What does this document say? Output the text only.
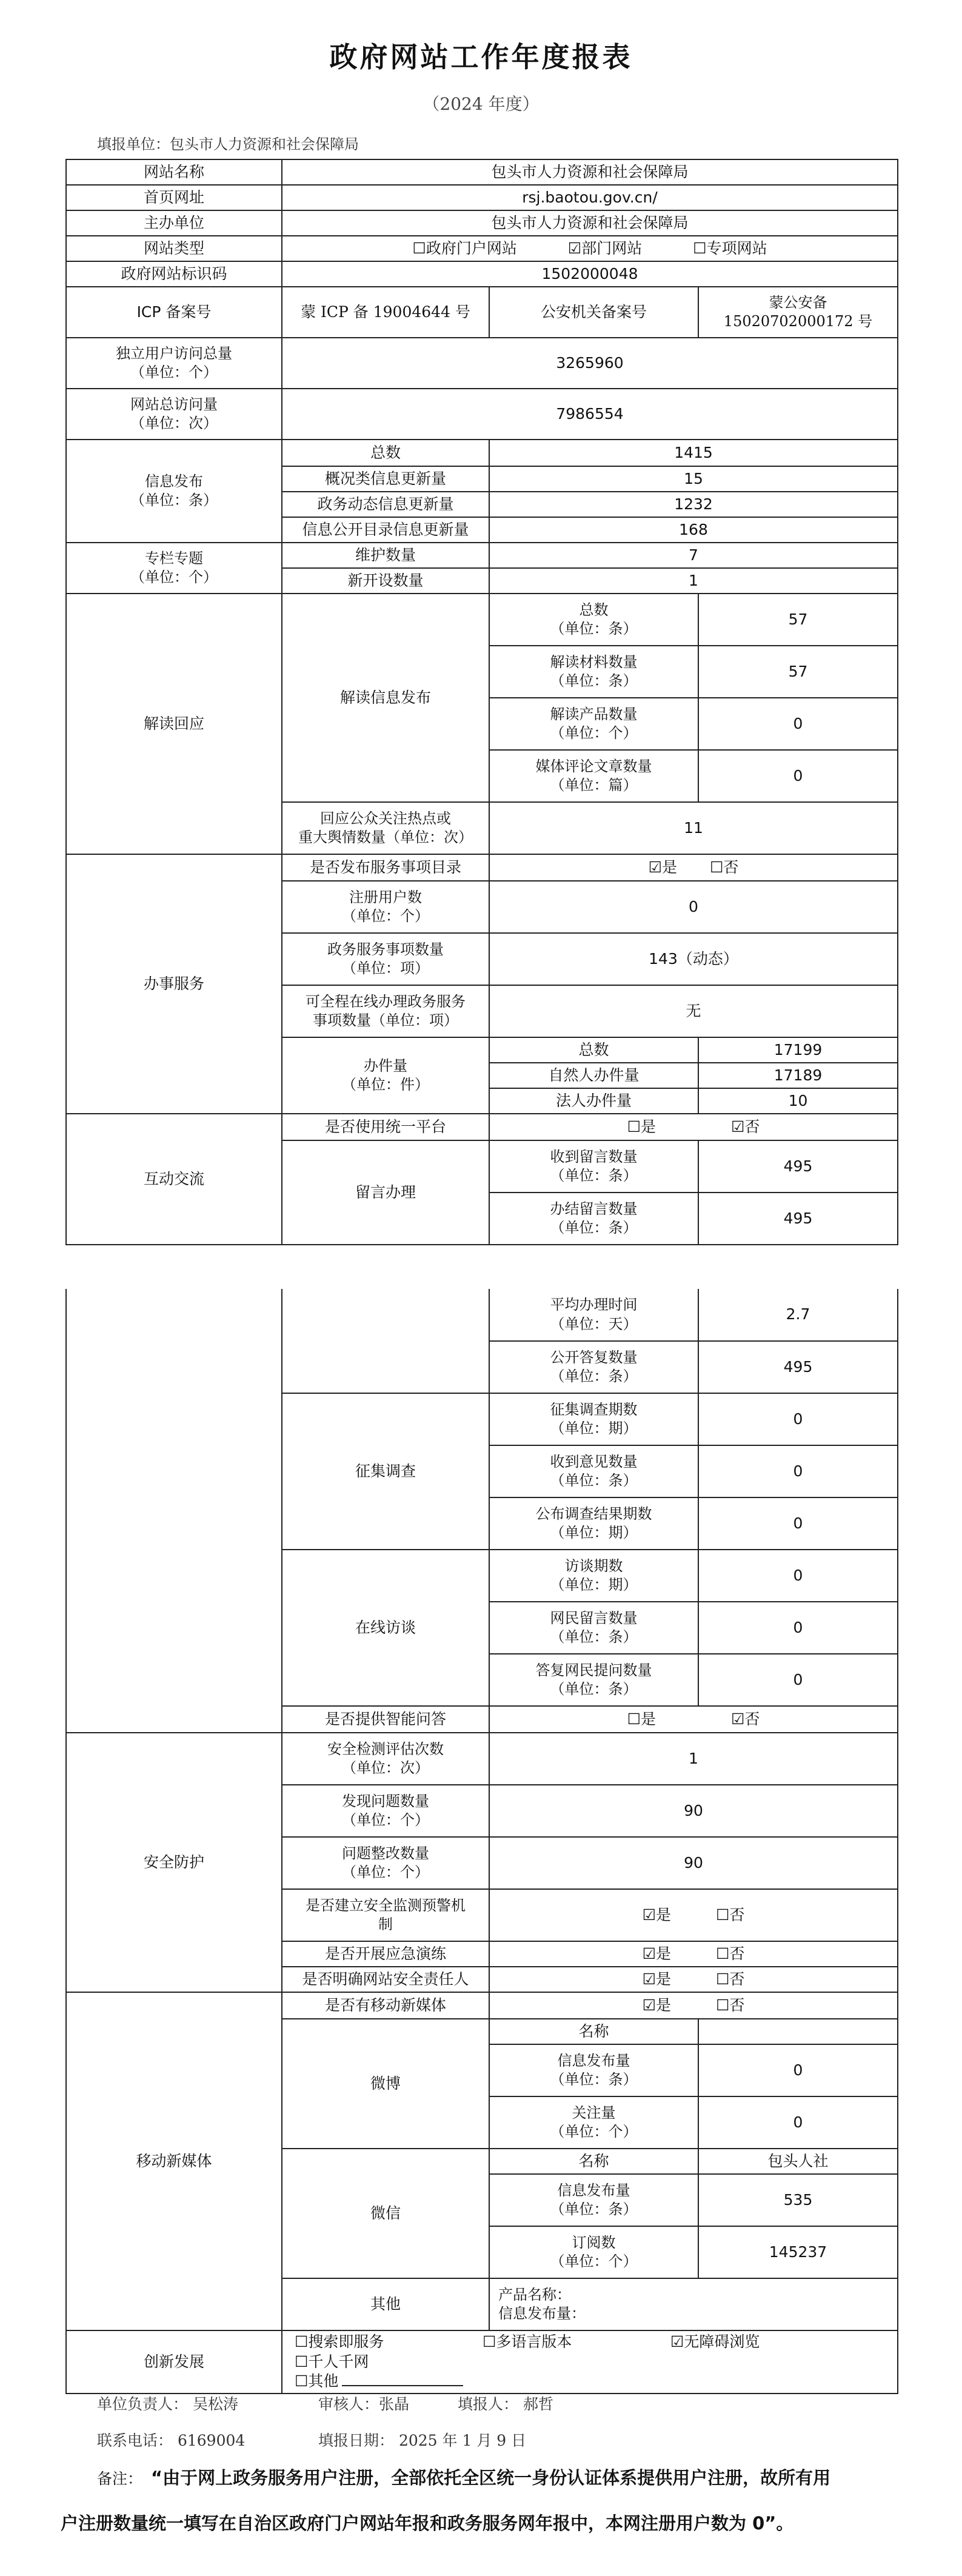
政府网站工作年度报表
（2024 年度）
填报单位：包头市人力资源和社会保障局
网站名称	包头市人力资源和社会保障局		
首页网址	rsj.baotou.gov.cn/		
主办单位	包头市人力资源和社会保障局		
网站类型	☐政府门户网站 ☑部门网站 ☐专项网站		
政府网站标识码	1502000048		
ICP 备案号	蒙 ICP 备 19004644 号	公安机关备案号	蒙公安备
15020702000172 号

独立用户访问总量
（单位：个）	3265960		

网站总访问量
（单位：次）	7986554		

信息发布
（单位：条）	总数	1415	
	概况类信息更新量	15	
	政务动态信息更新量	1232	
	信息公开目录信息更新量	168	

专栏专题
（单位：个）	维护数量	7	
	新开设数量	1	
解读回应	解读信息发布	总数
（单位：条）	57

		解读材料数量
（单位：条）	57

		解读产品数量
（单位：个）	0

		媒体评论文章数量
（单位：篇）	0

	回应公众关注热点或
重大舆情数量（单位：次）	11	
办事服务	是否发布服务事项目录	☑是 ☐否	

	注册用户数
（单位：个）	0	

	政务服务事项数量
（单位：项）	143（动态）	

	可全程在线办理政务服务
事项数量（单位：项）	无	

	办件量
（单位：件）	总数	17199
		自然人办件量	17189
		法人办件量	10
互动交流	是否使用统一平台	☐是 ☑否	
	留言办理	收到留言数量
（单位：条）	495

		办结留言数量
（单位：条）	495

		平均办理时间
（单位：天）	2.7

		公开答复数量
（单位：条）	495
	征集调查	征集调查期数
（单位：期）	0

		收到意见数量
（单位：条）	0

		公布调查结果期数
（单位：期）	0
	在线访谈	访谈期数
（单位：期）	0

		网民留言数量
（单位：条）	0

		答复网民提问数量
（单位：条）	0
	是否提供智能问答	☐是 ☑否	
安全防护	安全检测评估次数
（单位：次）	1	

	发现问题数量
（单位：个）	90	

	问题整改数量
（单位：个）	90	

	是否建立安全监测预警机
制	☑是 ☐否	
	是否开展应急演练	☑是 ☐否	
	是否明确网站安全责任人	☑是 ☐否	
移动新媒体	是否有移动新媒体	☑是 ☐否	
	微博	名称	

		信息发布量
（单位：条）	0

		关注量
（单位：个）	0
	微信	名称	包头人社

		信息发布量
（单位：条）	535

		订阅数
（单位：个）	145237
	其他	产品名称：
信息发布量：	

创新发展	☐搜索即服务 ☐多语言版本 ☑无障碍浏览 ☐千人千网
☐其他		
单位负责人： 吴松涛	审核人：张晶	填报人： 郝哲
联系电话： 6169004	填报日期： 2025 年 1 月 9 日
备注： “由于网上政务服务用户注册，全部依托全区统一身份认证体系提供用户注册，故所有用
户注册数量统一填写在自治区政府门户网站年报和政务服务网年报中，本网注册用户数为 0”。
